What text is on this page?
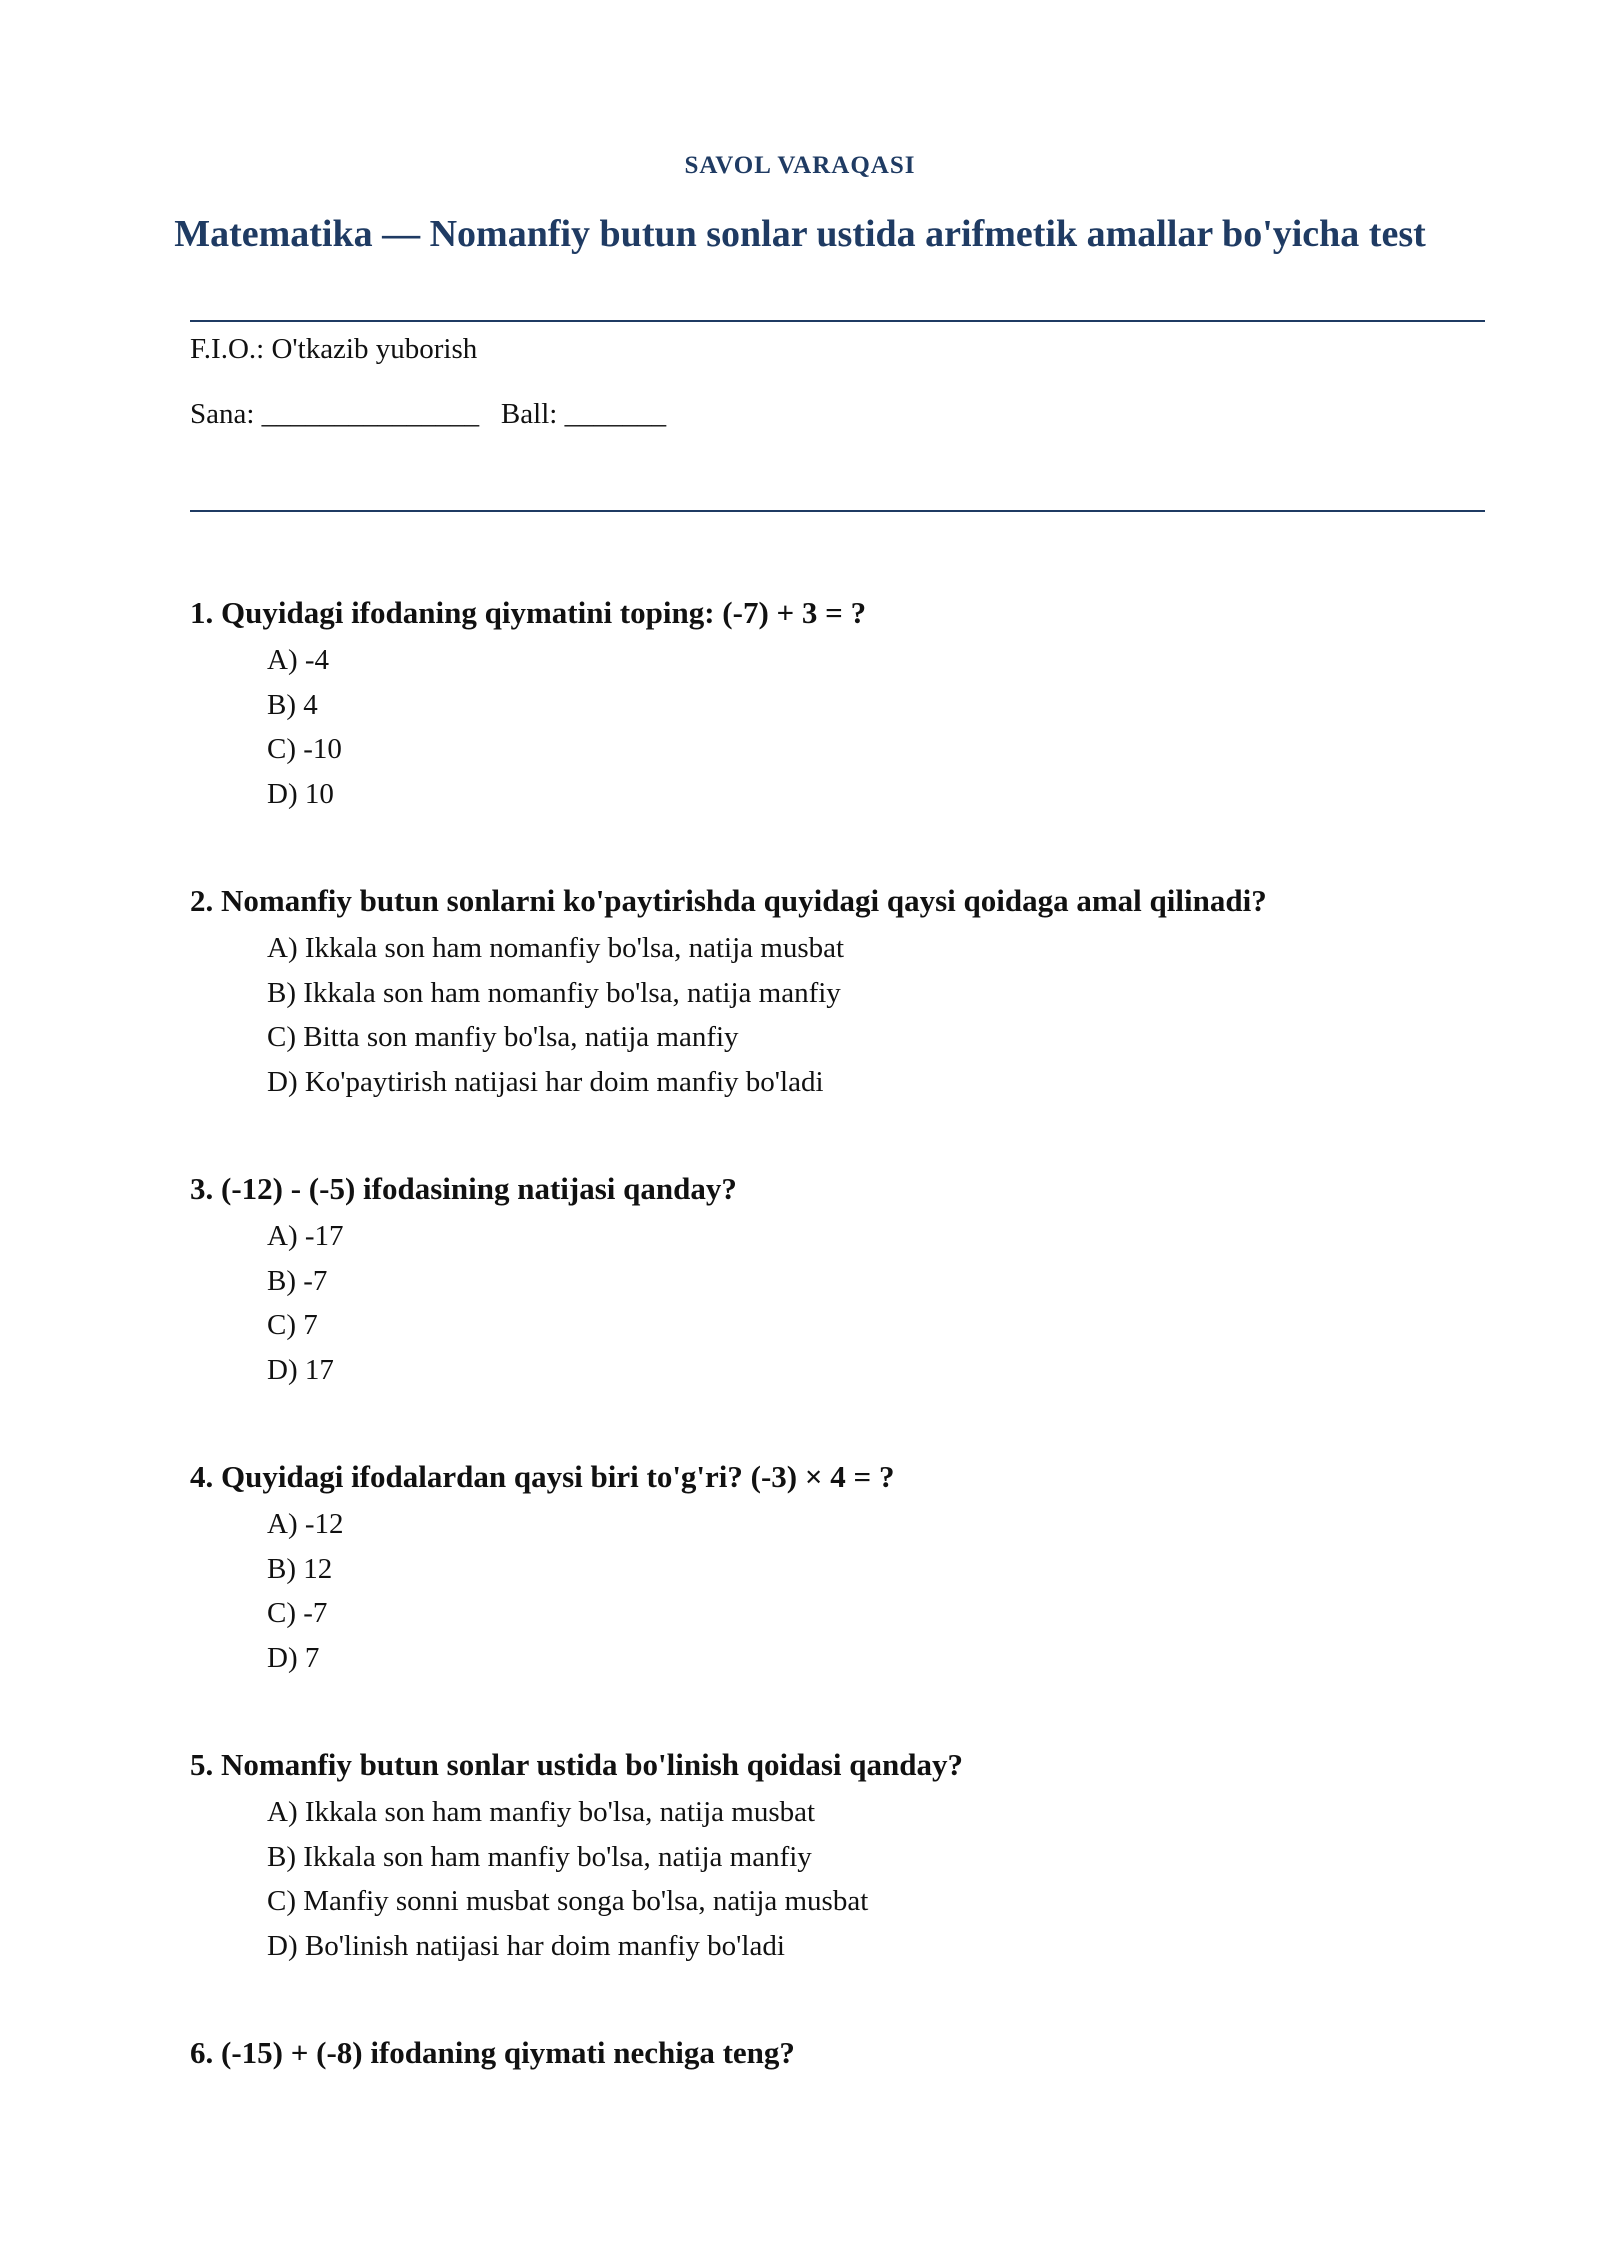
SAVOL VARAQASI
Matematika — Nomanfiy butun sonlar ustida arifmetik amallar bo'yicha test
F.I.O.: O'tkazib yuborish
Sana: _______________   Ball: _______
1. Quyidagi ifodaning qiymatini toping: (-7) + 3 = ?
A) -4
B) 4
C) -10
D) 10
2. Nomanfiy butun sonlarni ko'paytirishda quyidagi qaysi qoidaga amal qilinadi?
A) Ikkala son ham nomanfiy bo'lsa, natija musbat
B) Ikkala son ham nomanfiy bo'lsa, natija manfiy
C) Bitta son manfiy bo'lsa, natija manfiy
D) Ko'paytirish natijasi har doim manfiy bo'ladi
3. (-12) - (-5) ifodasining natijasi qanday?
A) -17
B) -7
C) 7
D) 17
4. Quyidagi ifodalardan qaysi biri to'g'ri? (-3) × 4 = ?
A) -12
B) 12
C) -7
D) 7
5. Nomanfiy butun sonlar ustida bo'linish qoidasi qanday?
A) Ikkala son ham manfiy bo'lsa, natija musbat
B) Ikkala son ham manfiy bo'lsa, natija manfiy
C) Manfiy sonni musbat songa bo'lsa, natija musbat
D) Bo'linish natijasi har doim manfiy bo'ladi
6. (-15) + (-8) ifodaning qiymati nechiga teng?
